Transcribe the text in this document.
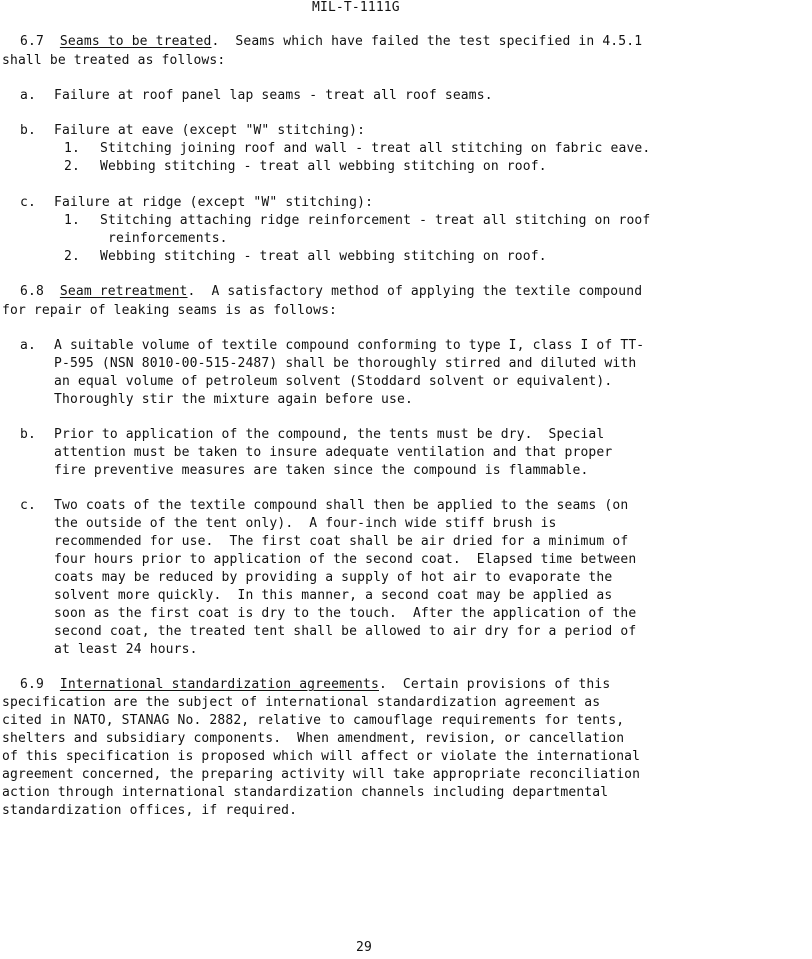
MIL-T-1111G
6.7 Seams to be treated.  Seams which have failed the test specified in 4.5.1
shall be treated as follows:
a. Failure at roof panel lap seams - treat all roof seams.
b. Failure at eave (except "W" stitching):
1. Stitching joining roof and wall - treat all stitching on fabric eave.
2. Webbing stitching - treat all webbing stitching on roof.
c. Failure at ridge (except "W" stitching):
1. Stitching attaching ridge reinforcement - treat all stitching on roof
reinforcements.
2. Webbing stitching - treat all webbing stitching on roof.
6.8 Seam retreatment.  A satisfactory method of applying the textile compound
for repair of leaking seams is as follows:
a. A suitable volume of textile compound conforming to type I, class I of TT-
P-595 (NSN 8010-00-515-2487) shall be thoroughly stirred and diluted with
an equal volume of petroleum solvent (Stoddard solvent or equivalent).
Thoroughly stir the mixture again before use.
b. Prior to application of the compound, the tents must be dry.  Special
attention must be taken to insure adequate ventilation and that proper
fire preventive measures are taken since the compound is flammable.
c. Two coats of the textile compound shall then be applied to the seams (on
the outside of the tent only).  A four-inch wide stiff brush is
recommended for use.  The first coat shall be air dried for a minimum of
four hours prior to application of the second coat.  Elapsed time between
coats may be reduced by providing a supply of hot air to evaporate the
solvent more quickly.  In this manner, a second coat may be applied as
soon as the first coat is dry to the touch.  After the application of the
second coat, the treated tent shall be allowed to air dry for a period of
at least 24 hours.
6.9 International standardization agreements.  Certain provisions of this
specification are the subject of international standardization agreement as
cited in NATO, STANAG No. 2882, relative to camouflage requirements for tents,
shelters and subsidiary components.  When amendment, revision, or cancellation
of this specification is proposed which will affect or violate the international
agreement concerned, the preparing activity will take appropriate reconciliation
action through international standardization channels including departmental
standardization offices, if required.
29
